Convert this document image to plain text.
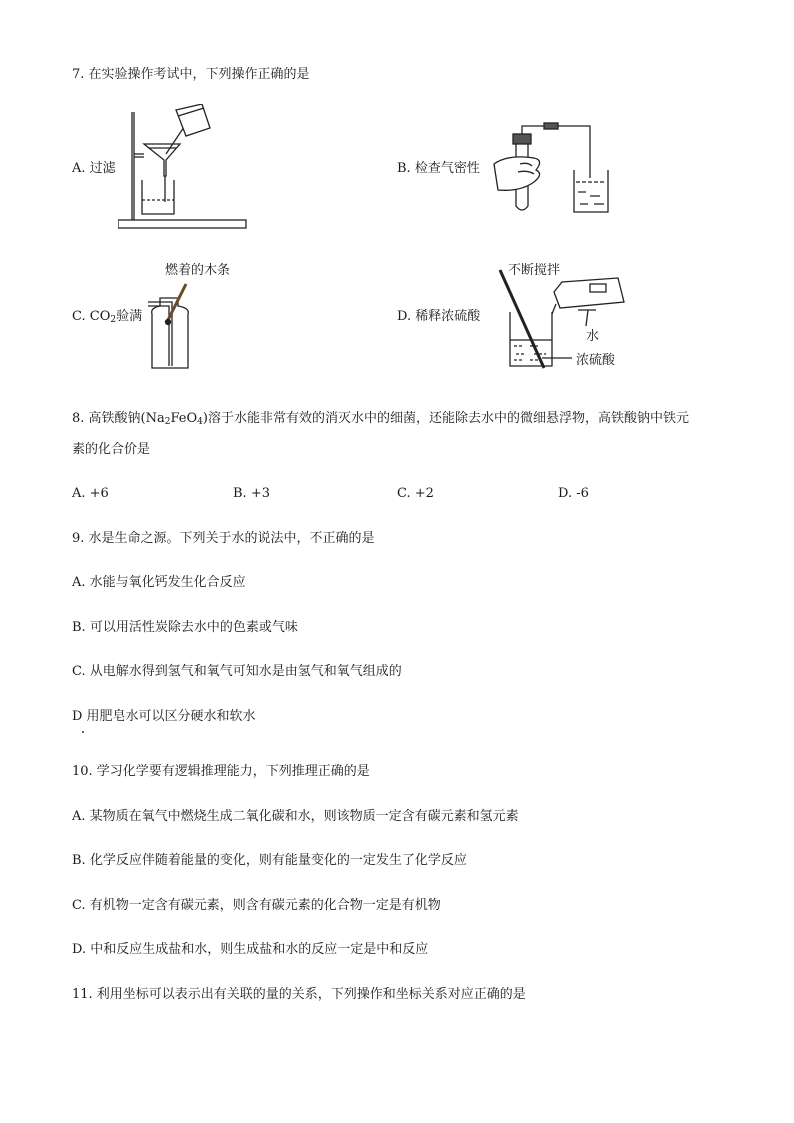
7. 在实验操作考试中，下列操作正确的是
A. 过滤	B. 检查气密性
燃着的木条
C. $CO_2$验满	D. 稀释浓硫酸
不断搅拌
水
浓硫酸
8. 高铁酸钠$(Na_2FeO_4)$溶于水能非常有效的消灭水中的细菌，还能除去水中的微细悬浮物，高铁酸钠中铁元
素的化合价是
A. +6	B. +3	C. +2	D. -6
9. 水是生命之源。下列关于水的说法中，不正确的是
A. 水能与氧化钙发生化合反应
B. 可以用活性炭除去水中的色素或气味
C. 从电解水得到氢气和氧气可知水是由氢气和氧气组成的
D 用肥皂水可以区分硬水和软水
10. 学习化学要有逻辑推理能力，下列推理正确的是
A. 某物质在氧气中燃烧生成二氧化碳和水，则该物质一定含有碳元素和氢元素
B. 化学反应伴随着能量的变化，则有能量变化的一定发生了化学反应
C. 有机物一定含有碳元素，则含有碳元素的化合物一定是有机物
D. 中和反应生成盐和水，则生成盐和水的反应一定是中和反应
11. 利用坐标可以表示出有关联的量的关系，下列操作和坐标关系对应正确的是
